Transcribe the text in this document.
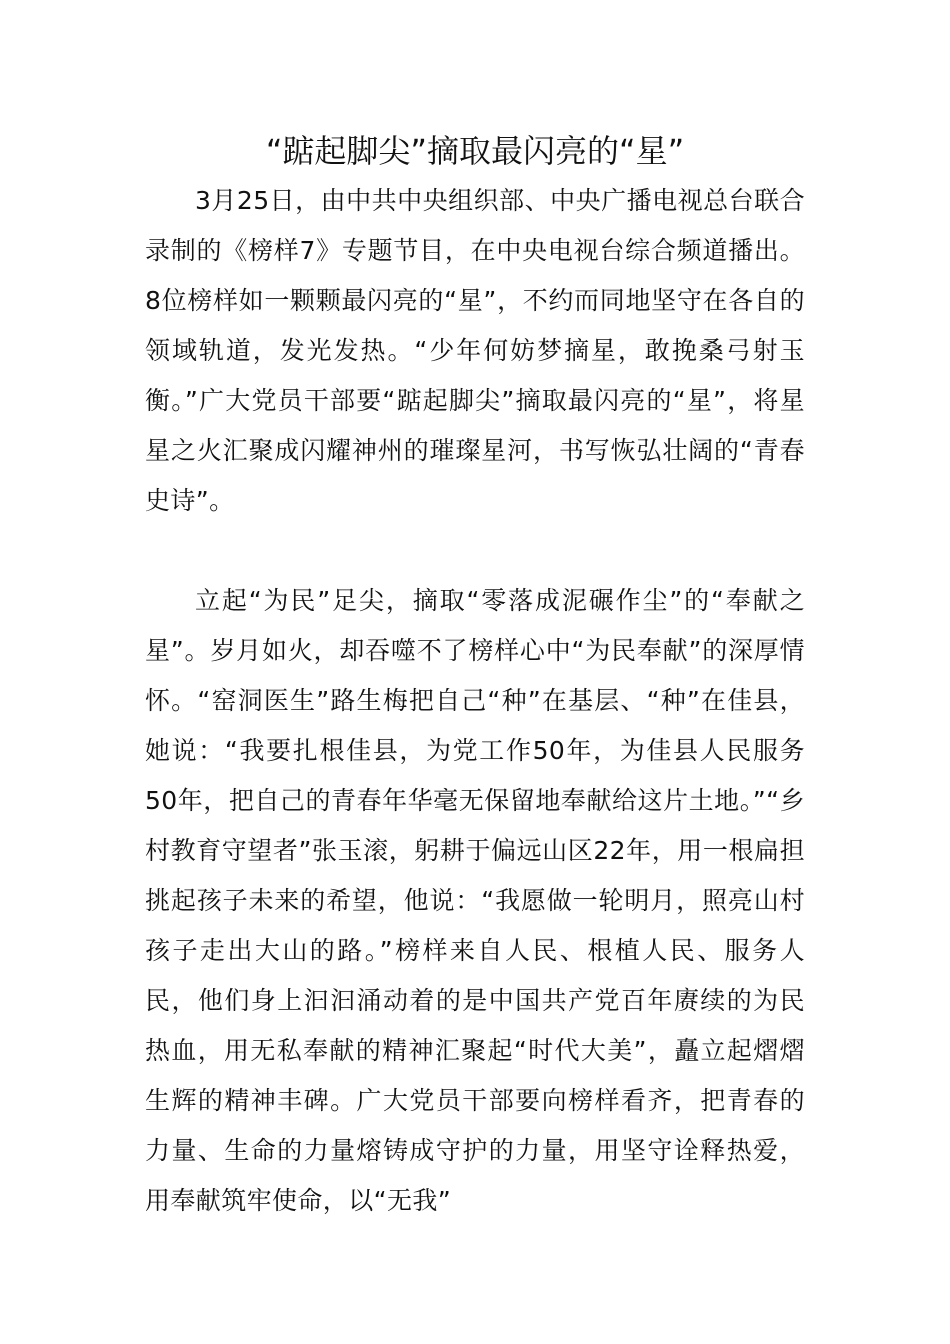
“踮起脚尖”摘取最闪亮的“星”

3月25日，由中共中央组织部、中央广播电视总台联合录制的《榜样7》专题节目，在中央电视台综合频道播出。8位榜样如一颗颗最闪亮的“星”，不约而同地坚守在各自的领域轨道，发光发热。“少年何妨梦摘星，敢挽桑弓射玉衡。”广大党员干部要“踮起脚尖”摘取最闪亮的“星”，将星星之火汇聚成闪耀神州的璀璨星河，书写恢弘壮阔的“青春史诗”。

立起“为民”足尖，摘取“零落成泥碾作尘”的“奉献之星”。岁月如火，却吞噬不了榜样心中“为民奉献”的深厚情怀。“窑洞医生”路生梅把自己“种”在基层、“种”在佳县，她说：“我要扎根佳县，为党工作50年，为佳县人民服务50年，把自己的青春年华毫无保留地奉献给这片土地。”“乡村教育守望者”张玉滚，躬耕于偏远山区22年，用一根扁担挑起孩子未来的希望，他说：“我愿做一轮明月，照亮山村孩子走出大山的路。”榜样来自人民、根植人民、服务人民，他们身上汩汩涌动着的是中国共产党百年赓续的为民热血，用无私奉献的精神汇聚起“时代大美”，矗立起熠熠生辉的精神丰碑。广大党员干部要向榜样看齐，把青春的力量、生命的力量熔铸成守护的力量，用坚守诠释热爱，用奉献筑牢使命，以“无我”
